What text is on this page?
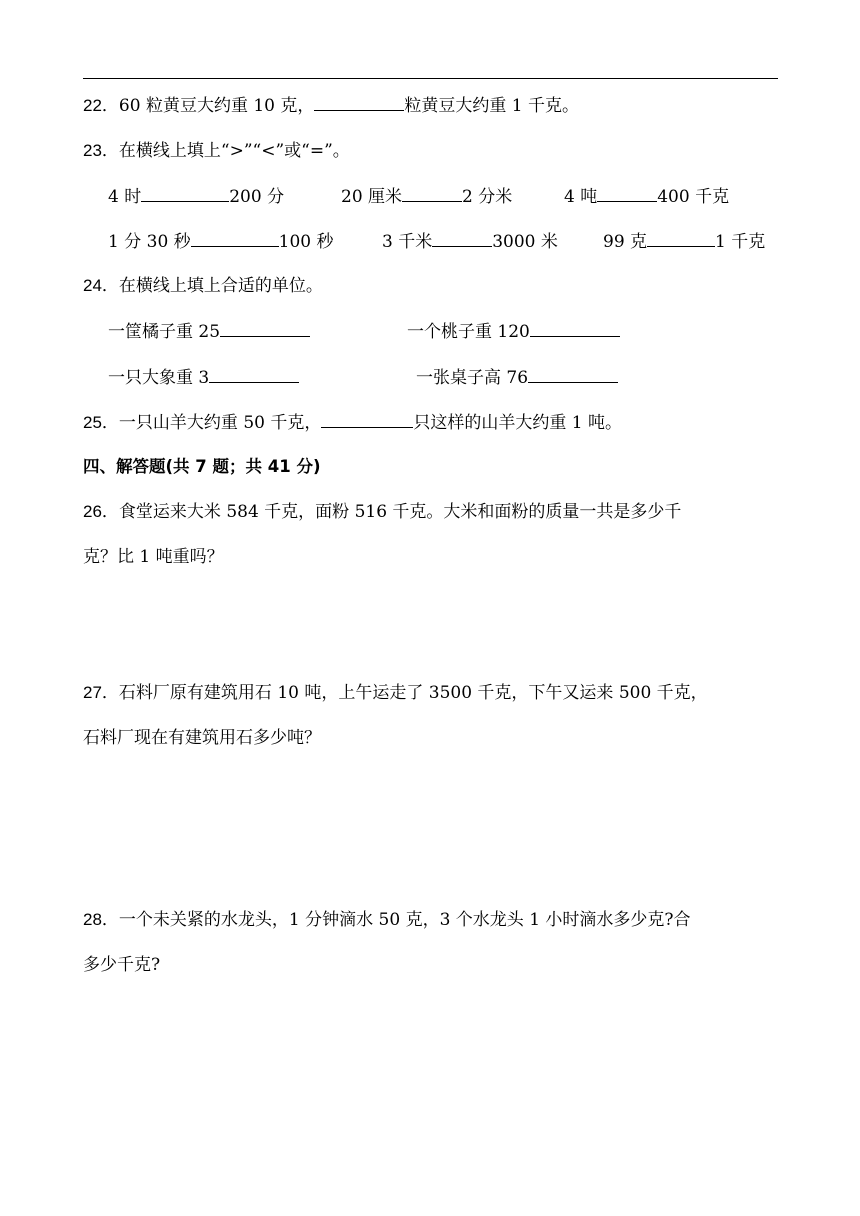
22．60 粒黄豆大约重 10 克，	粒黄豆大约重 1 千克。
23．在横线上填上“>”“<”或“=”。
4 时	200 分	20 厘米	2 分米	4 吨	400 千克
1 分 30 秒	100 秒	3 千米	3000 米	99 克	1 千克
24．在横线上填上合适的单位。
一筐橘子重 25	一个桃子重 120
一只大象重 3	一张桌子高 76
25．一只山羊大约重 50 千克，	只这样的山羊大约重 1 吨。
四、解答题(共 7 题；共 41 分)
26．食堂运来大米 584 千克，面粉 516 千克。大米和面粉的质量一共是多少千
克？比 1 吨重吗？
27．石料厂原有建筑用石 10 吨，上午运走了 3500 千克，下午又运来 500 千克，
石料厂现在有建筑用石多少吨？
28．一个未关紧的水龙头，1 分钟滴水 50 克，3 个水龙头 1 小时滴水多少克?合
多少千克?
